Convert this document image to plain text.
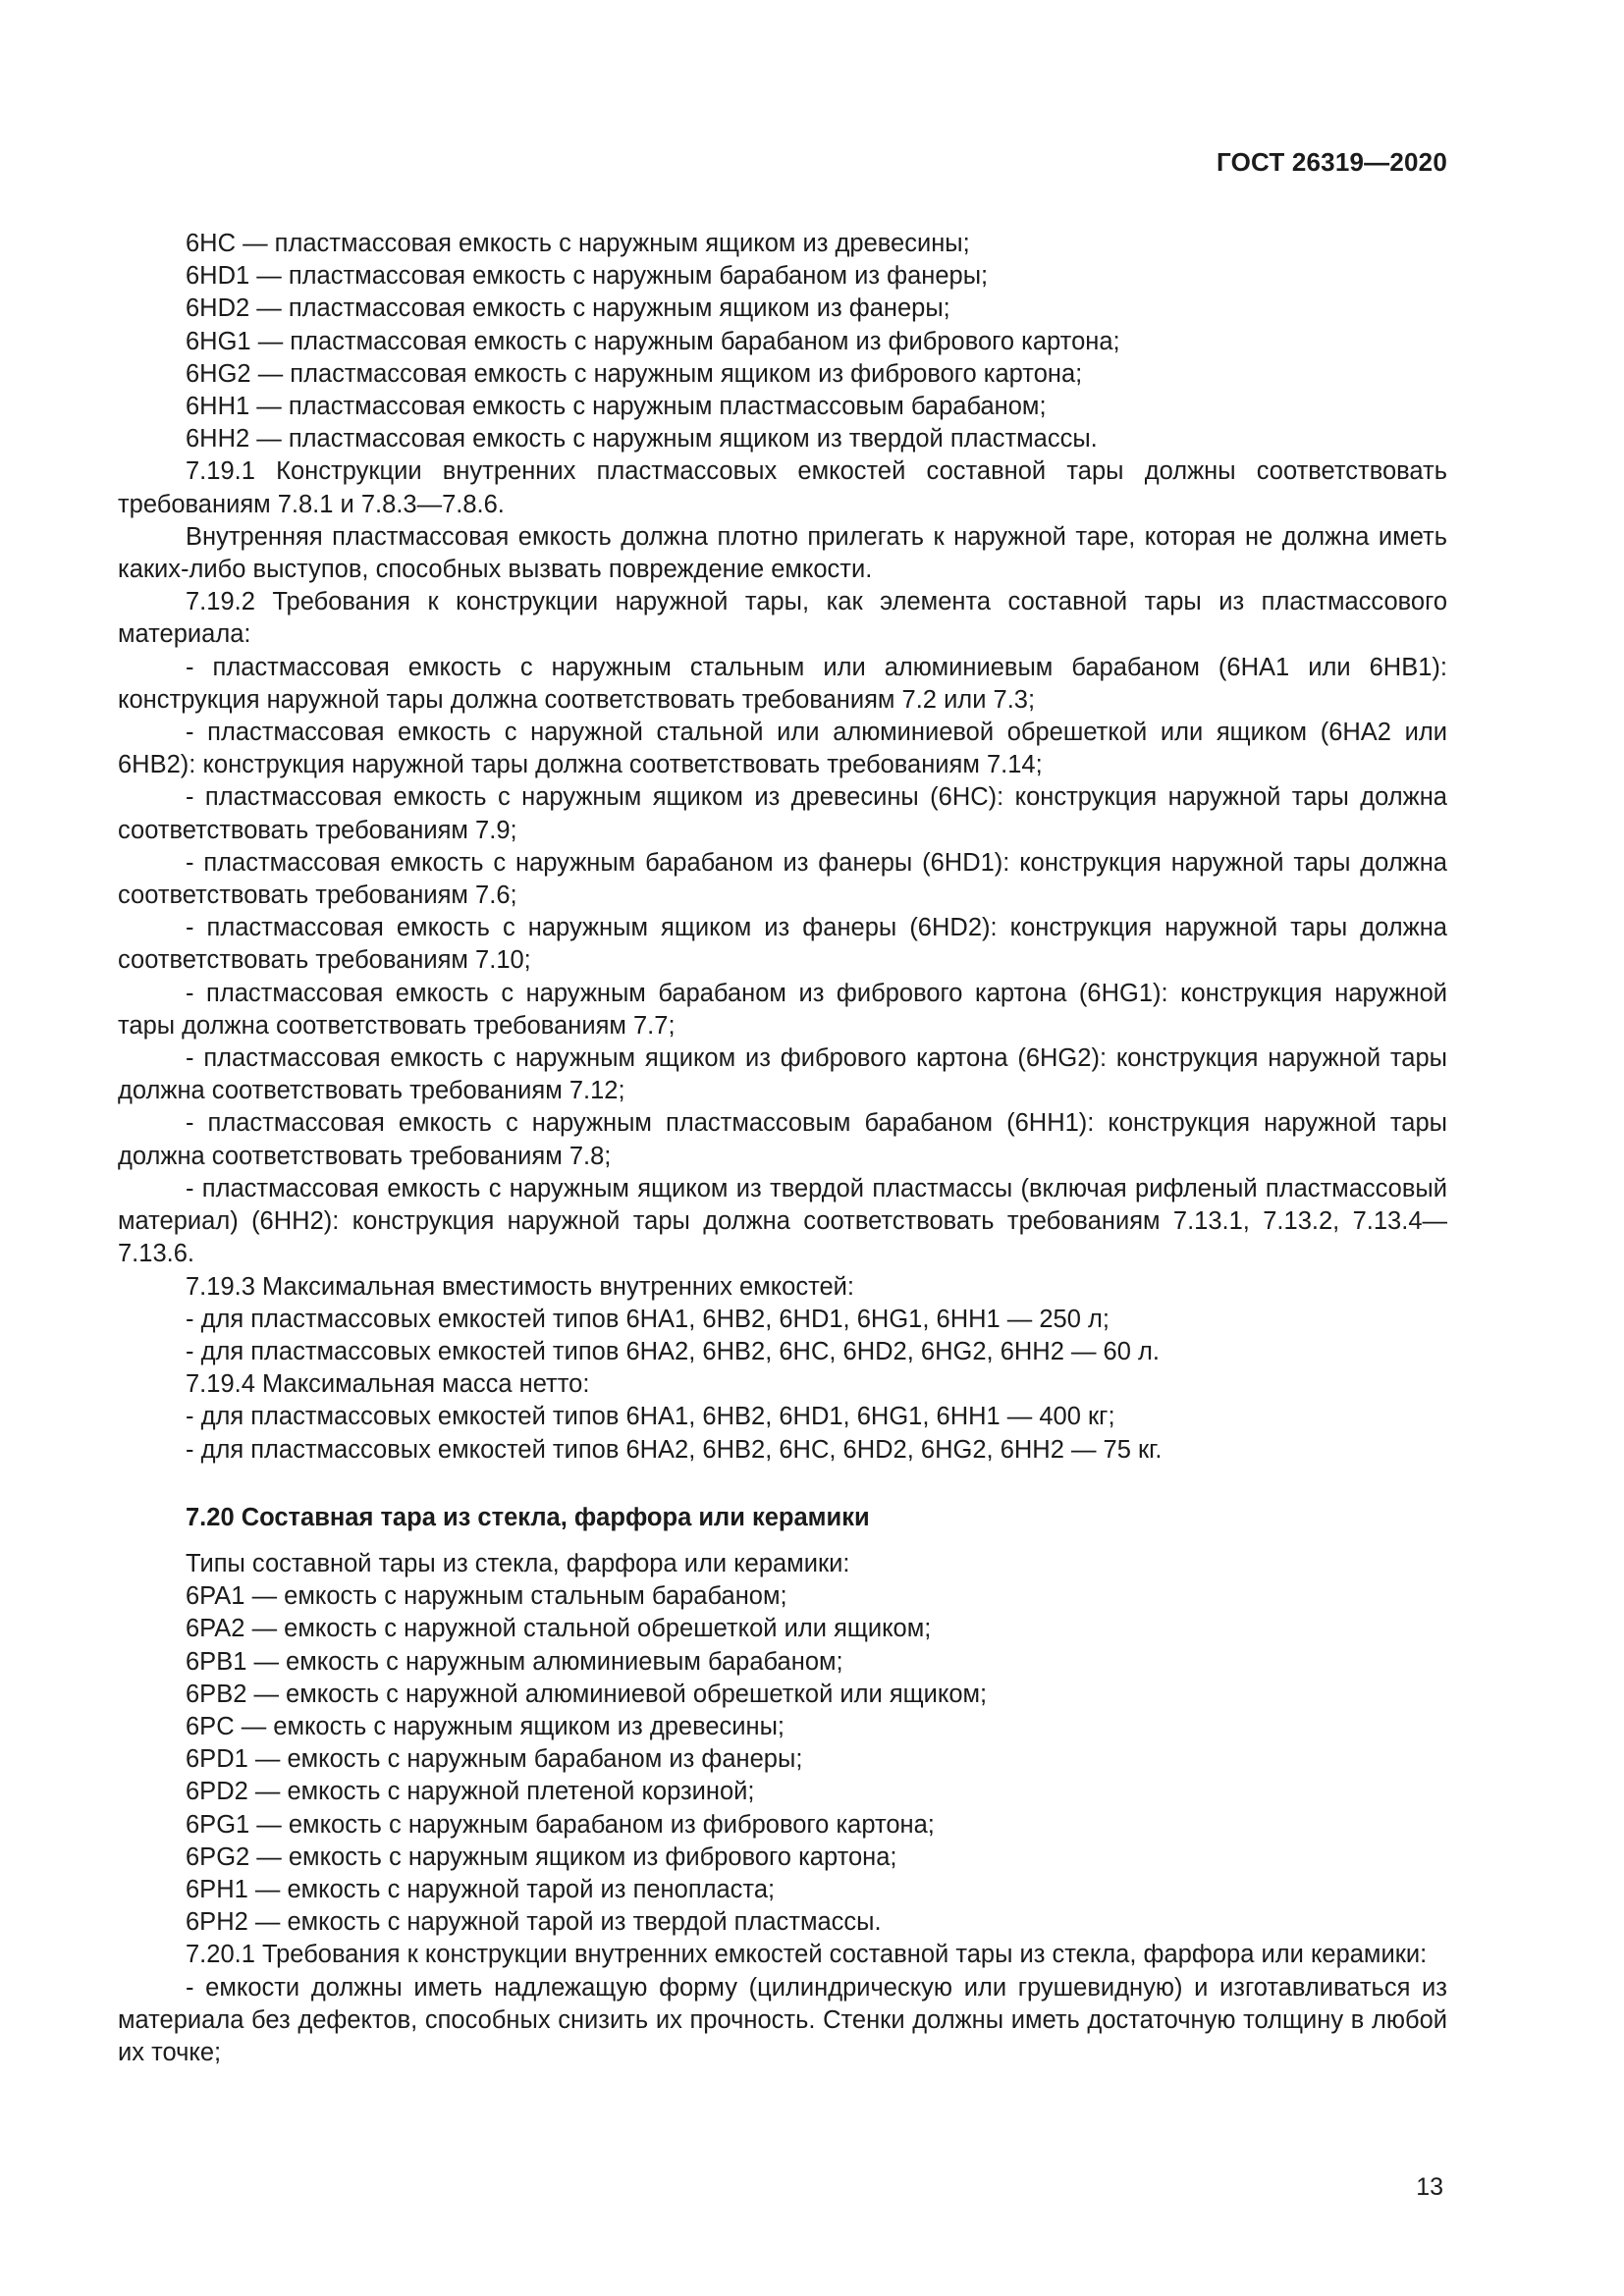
ГОСТ 26319—2020

6HC — пластмассовая емкость с наружным ящиком из древесины;

6HD1 — пластмассовая емкость с наружным барабаном из фанеры;

6HD2 — пластмассовая емкость с наружным ящиком из фанеры;

6HG1 — пластмассовая емкость с наружным барабаном из фибрового картона;

6HG2 — пластмассовая емкость с наружным ящиком из фибрового картона;

6HH1 — пластмассовая емкость с наружным пластмассовым барабаном;

6HH2 — пластмассовая емкость с наружным ящиком из твердой пластмассы.

7.19.1 Конструкции внутренних пластмассовых емкостей составной тары должны соответствовать требованиям 7.8.1 и 7.8.3—7.8.6.

Внутренняя пластмассовая емкость должна плотно прилегать к наружной таре, которая не должна иметь каких-либо выступов, способных вызвать повреждение емкости.

7.19.2 Требования к конструкции наружной тары, как элемента составной тары из пластмассового материала:

- пластмассовая емкость с наружным стальным или алюминиевым барабаном (6HA1 или 6HB1): конструкция наружной тары должна соответствовать требованиям 7.2 или 7.3;

- пластмассовая емкость с наружной стальной или алюминиевой обрешеткой или ящиком (6HA2 или 6HB2): конструкция наружной тары должна соответствовать требованиям 7.14;

- пластмассовая емкость с наружным ящиком из древесины (6HC): конструкция наружной тары должна соответствовать требованиям 7.9;

- пластмассовая емкость с наружным барабаном из фанеры (6HD1): конструкция наружной тары должна соответствовать требованиям 7.6;

- пластмассовая емкость с наружным ящиком из фанеры (6HD2): конструкция наружной тары должна соответствовать требованиям 7.10;

- пластмассовая емкость с наружным барабаном из фибрового картона (6HG1): конструкция наружной тары должна соответствовать требованиям 7.7;

- пластмассовая емкость с наружным ящиком из фибрового картона (6HG2): конструкция наружной тары должна соответствовать требованиям 7.12;

- пластмассовая емкость с наружным пластмассовым барабаном (6HH1): конструкция наружной тары должна соответствовать требованиям 7.8;

- пластмассовая емкость с наружным ящиком из твердой пластмассы (включая рифленый пластмассовый материал) (6HH2): конструкция наружной тары должна соответствовать требованиям 7.13.1, 7.13.2, 7.13.4—7.13.6.

7.19.3 Максимальная вместимость внутренних емкостей:

- для пластмассовых емкостей типов 6HA1, 6HB2, 6HD1, 6HG1, 6HH1 — 250 л;

- для пластмассовых емкостей типов 6HA2, 6HB2, 6HC, 6HD2, 6HG2, 6HH2 — 60 л.

7.19.4 Максимальная масса нетто:

- для пластмассовых емкостей типов 6HA1, 6HB2, 6HD1, 6HG1, 6HH1 — 400 кг;

- для пластмассовых емкостей типов 6HA2, 6HB2, 6HC, 6HD2, 6HG2, 6HH2 — 75 кг.

7.20 Составная тара из стекла, фарфора или керамики

Типы составной тары из стекла, фарфора или керамики:

6PA1 — емкость с наружным стальным барабаном;

6PA2 — емкость с наружной стальной обрешеткой или ящиком;

6PB1 — емкость с наружным алюминиевым барабаном;

6PB2 — емкость с наружной алюминиевой обрешеткой или ящиком;

6PC — емкость с наружным ящиком из древесины;

6PD1 — емкость с наружным барабаном из фанеры;

6PD2 — емкость с наружной плетеной корзиной;

6PG1 — емкость с наружным барабаном из фибрового картона;

6PG2 — емкость с наружным ящиком из фибрового картона;

6PH1 — емкость с наружной тарой из пенопласта;

6PH2 — емкость с наружной тарой из твердой пластмассы.

7.20.1 Требования к конструкции внутренних емкостей составной тары из стекла, фарфора или керамики:

- емкости должны иметь надлежащую форму (цилиндрическую или грушевидную) и изготавливаться из материала без дефектов, способных снизить их прочность. Стенки должны иметь достаточную толщину в любой их точке;

13
